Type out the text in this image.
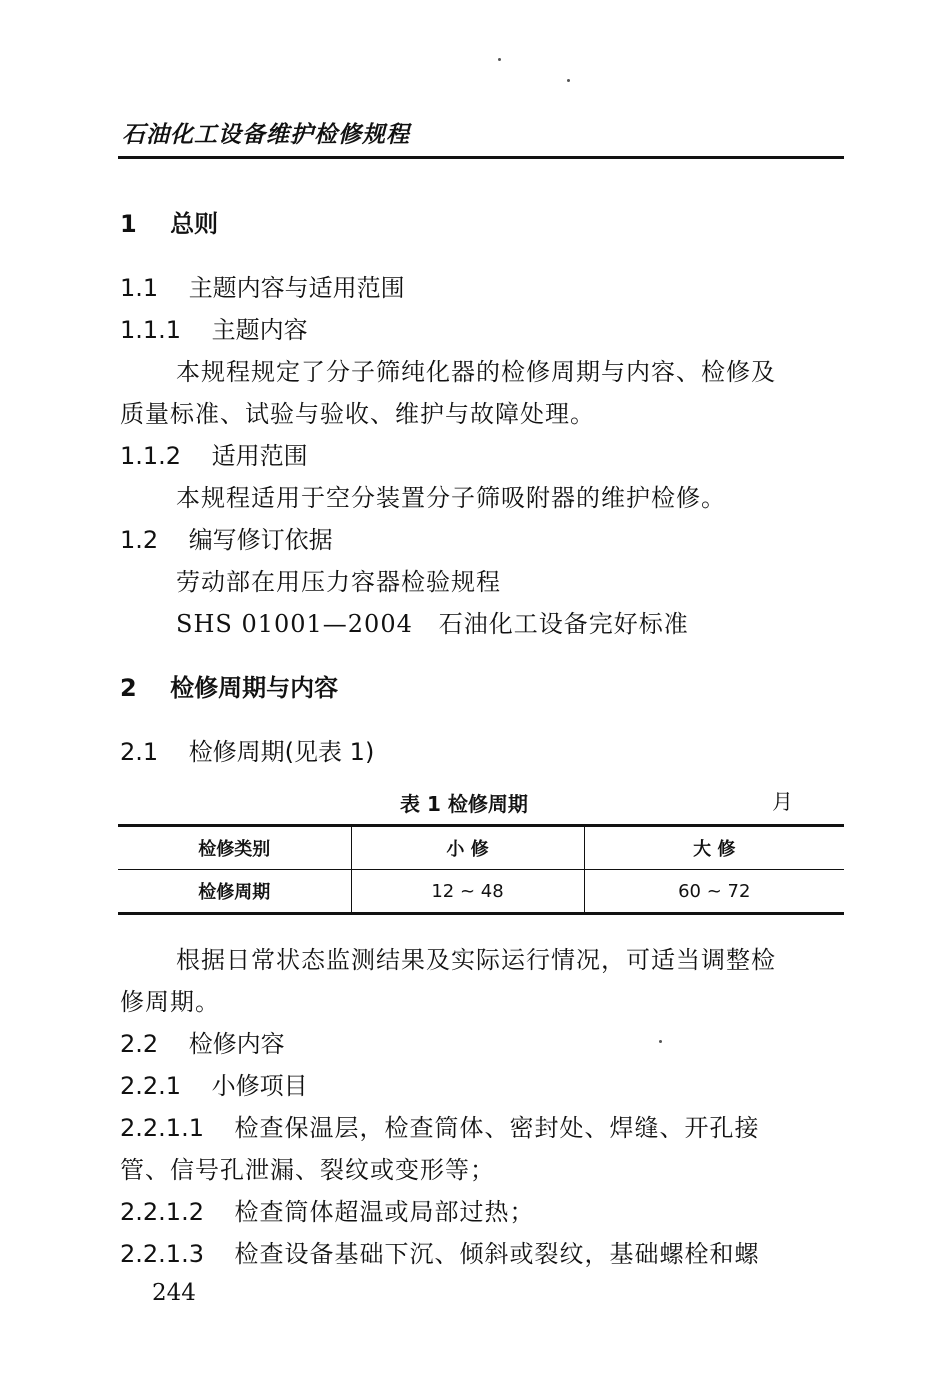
石油化工设备维护检修规程
1 总则
1.1 主题内容与适用范围
1.1.1 主题内容
本规程规定了分子筛纯化器的检修周期与内容、检修及
质量标准、试验与验收、维护与故障处理。
1.1.2 适用范围
本规程适用于空分装置分子筛吸附器的维护检修。
1.2 编写修订依据
劳动部在用压力容器检验规程
SHS 01001—2004 石油化工设备完好标准
2 检修周期与内容
2.1 检修周期(见表 1)
表 1 检修周期	月
检修类别	小 修	大 修
检修周期	12 ~ 48	60 ~ 72
根据日常状态监测结果及实际运行情况，可适当调整检
修周期。
2.2 检修内容
2.2.1 小修项目
2.2.1.1 检查保温层，检查筒体、密封处、焊缝、开孔接
管、信号孔泄漏、裂纹或变形等；
2.2.1.2 检查筒体超温或局部过热；
2.2.1.3 检查设备基础下沉、倾斜或裂纹，基础螺栓和螺
244
